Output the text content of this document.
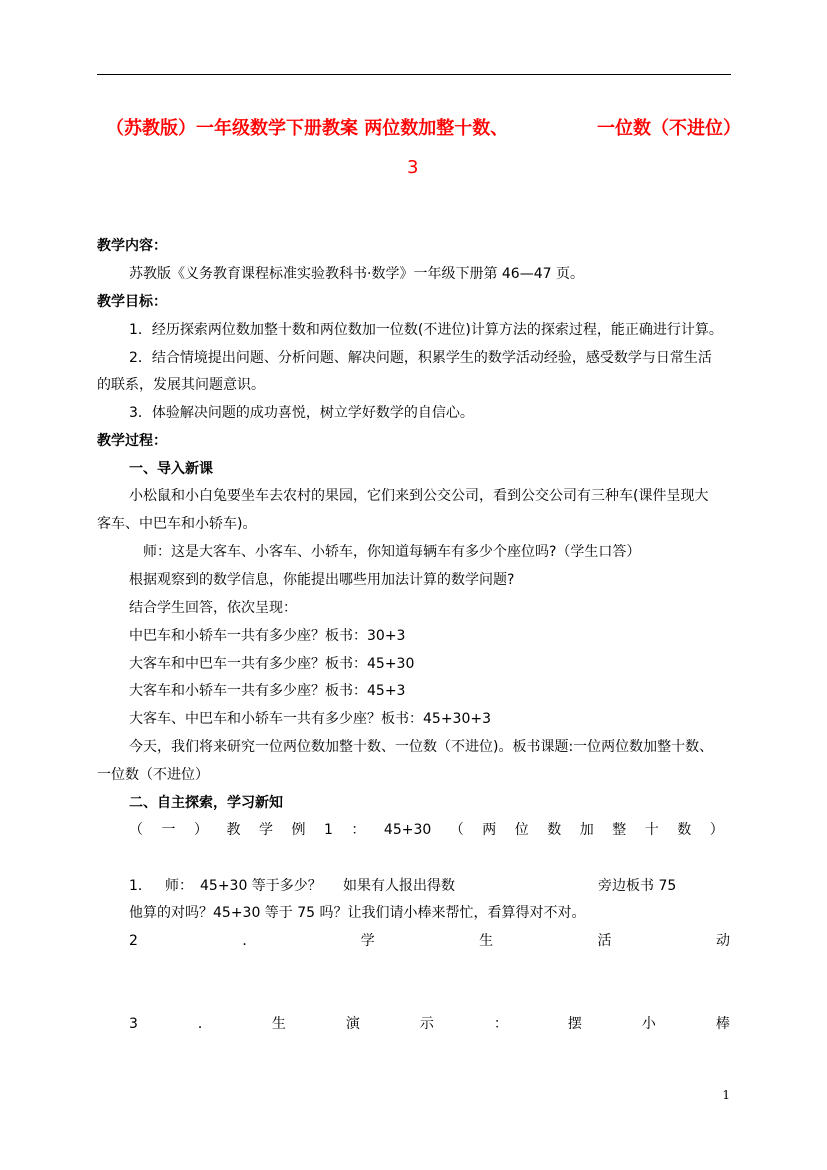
（苏教版）一年级数学下册教案 两位数加整十数、	一位数（不进位）
3
教学内容：
苏教版《义务教育课程标准实验教科书·数学》一年级下册第 46—47 页。
教学目标：
1．经历探索两位数加整十数和两位数加一位数(不进位)计算方法的探索过程，能正确进行计算。
2．结合情境提出问题、分析问题、解决问题，积累学生的数学活动经验，感受数学与日常生活
的联系，发展其问题意识。
3．体验解决问题的成功喜悦，树立学好数学的自信心。
教学过程：
一、导入新课
小松鼠和小白兔要坐车去农村的果园，它们来到公交公司，看到公交公司有三种车(课件呈现大
客车、中巴车和小轿车)。
师：这是大客车、小客车、小轿车，你知道每辆车有多少个座位吗?（学生口答）
根据观察到的数学信息，你能提出哪些用加法计算的数学问题?
结合学生回答，依次呈现：
中巴车和小轿车一共有多少座？板书：30+3
大客车和中巴车一共有多少座？板书：45+30
大客车和小轿车一共有多少座？板书：45+3
大客车、中巴车和小轿车一共有多少座？板书：45+30+3
今天，我们将来研究一位两位数加整十数、一位数（不进位)。板书课题:一位两位数加整十数、
一位数（不进位）
二、自主探索，学习新知
（ 一 ） 教 学 例 1 ： 45+30 （ 两 位 数 加 整 十 数 ）
1． 师： 45+30 等于多少？ 如果有人报出得数	旁边板书 75
他算的对吗？45+30 等于 75 吗？让我们请小棒来帮忙，看算得对不对。
2	．	学	生	活	动
3	．	生	演	示	：	摆	小	棒
1
